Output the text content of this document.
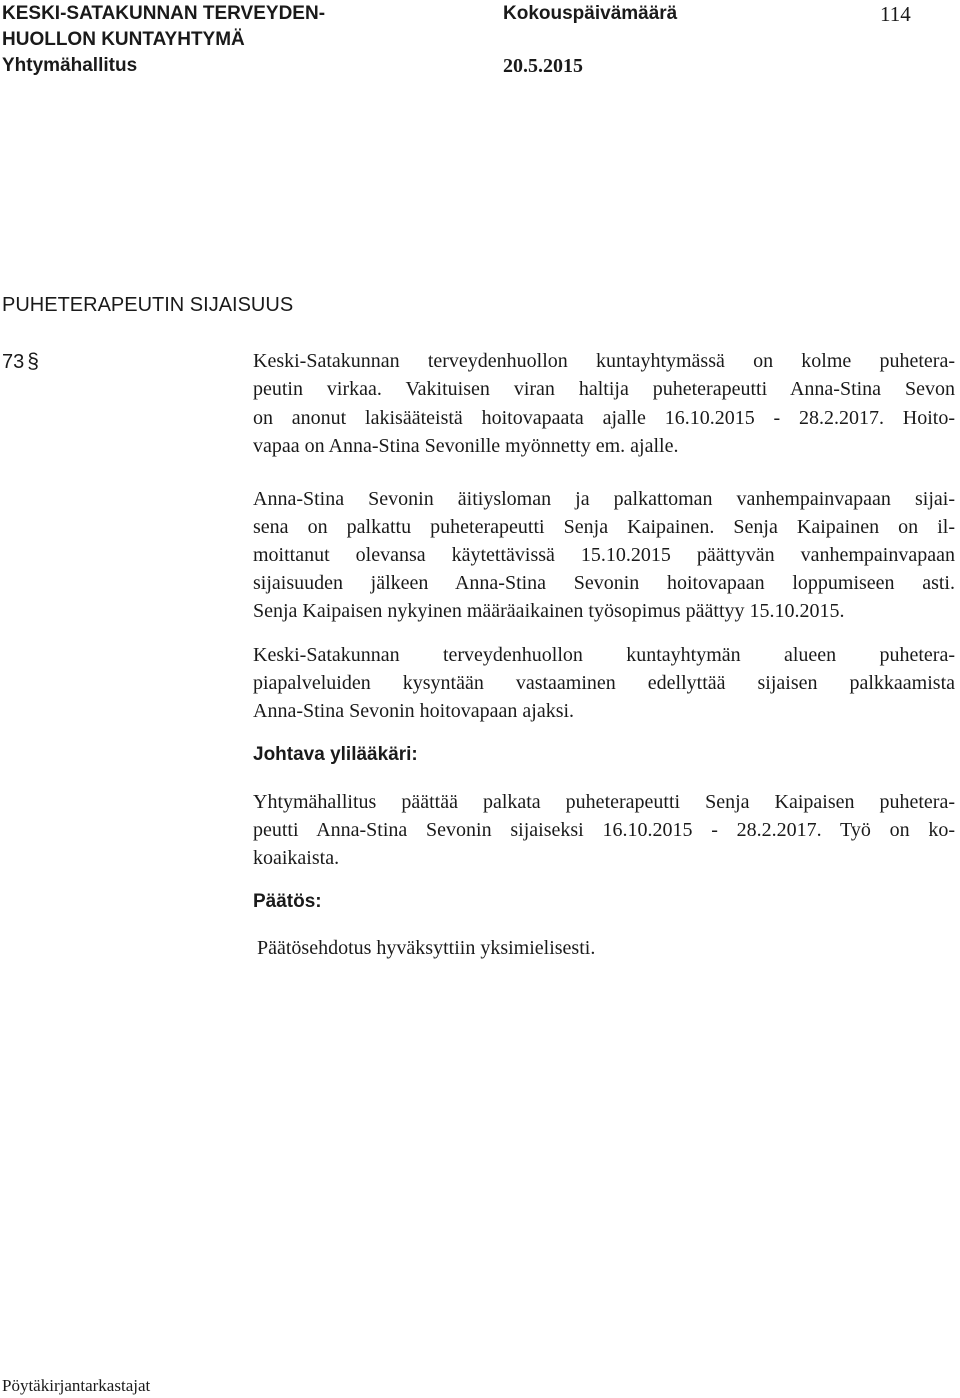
KESKI-SATAKUNNAN TERVEYDEN-
HUOLLON KUNTAYHTYMÄ
Yhtymähallitus
Kokouspäivämäärä	114
20.5.2015
PUHETERAPEUTIN SIJAISUUS
73 §	Keski-Satakunnan terveydenhuollon kuntayhtymässä on kolme puhetera-
peutin virkaa. Vakituisen viran haltija puheterapeutti Anna-Stina Sevon
on anonut lakisääteistä hoitovapaata ajalle 16.10.2015 - 28.2.2017. Hoito-
vapaa on Anna-Stina Sevonille myönnetty em. ajalle.
Anna-Stina Sevonin äitiysloman ja palkattoman vanhempainvapaan sijai-
sena on palkattu puheterapeutti Senja Kaipainen. Senja Kaipainen on il-
moittanut olevansa käytettävissä 15.10.2015 päättyvän vanhempainvapaan
sijaisuuden jälkeen Anna-Stina Sevonin hoitovapaan loppumiseen asti.
Senja Kaipaisen nykyinen määräaikainen työsopimus päättyy 15.10.2015.
Keski-Satakunnan terveydenhuollon kuntayhtymän alueen puhetera-
piapalveluiden kysyntään vastaaminen edellyttää sijaisen palkkaamista
Anna-Stina Sevonin hoitovapaan ajaksi.
Johtava ylilääkäri:
Yhtymähallitus päättää palkata puheterapeutti Senja Kaipaisen puhetera-
peutti Anna-Stina Sevonin sijaiseksi 16.10.2015 - 28.2.2017. Työ on ko-
koaikaista.
Päätös:
Päätösehdotus hyväksyttiin yksimielisesti.
Pöytäkirjantarkastajat
